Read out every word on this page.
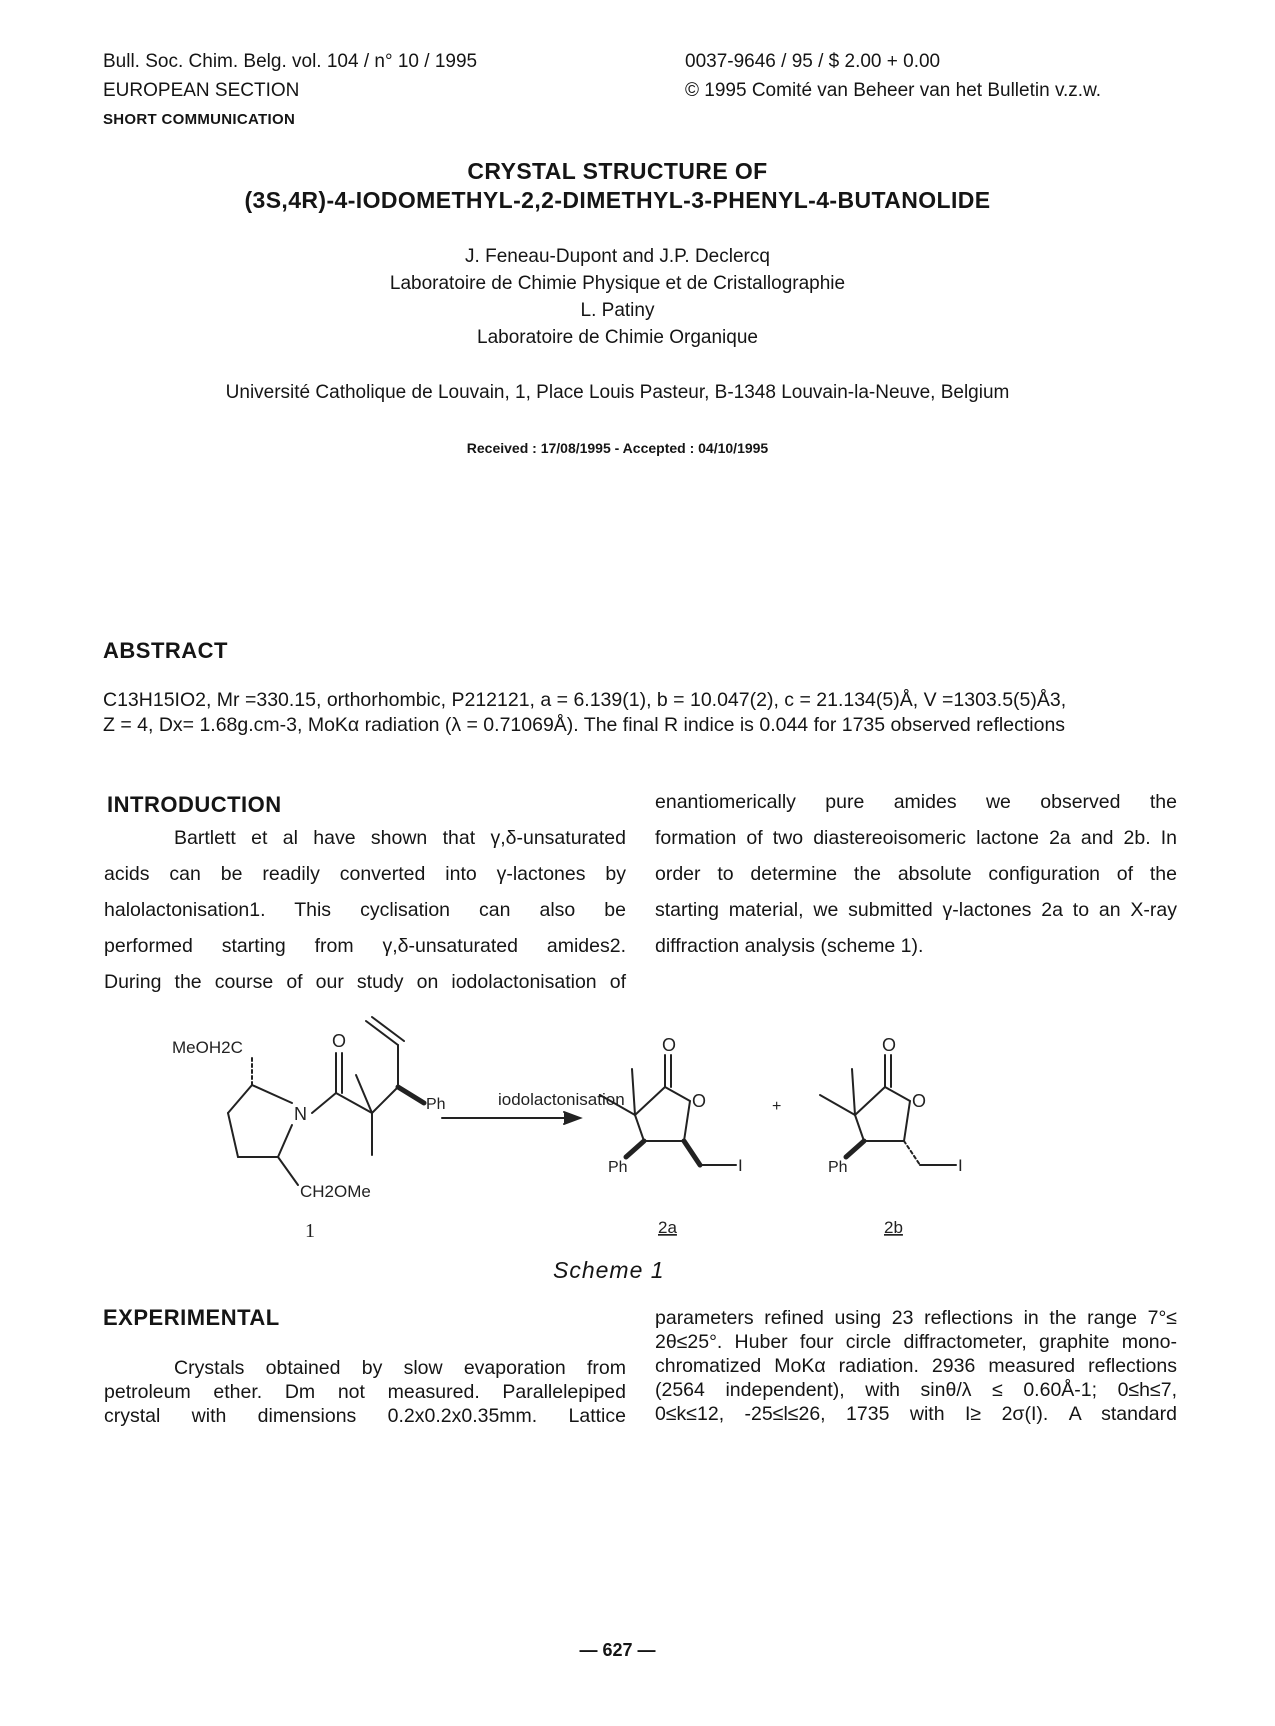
Bull. Soc. Chim. Belg. vol. 104 / n° 10 / 1995
EUROPEAN SECTION
SHORT COMMUNICATION
0037-9646 / 95 / $ 2.00 + 0.00
© 1995 Comité van Beheer van het Bulletin v.z.w.
CRYSTAL STRUCTURE OF
(3S,4R)-4-IODOMETHYL-2,2-DIMETHYL-3-PHENYL-4-BUTANOLIDE
J. Feneau-Dupont and J.P. Declercq
Laboratoire de Chimie Physique et de Cristallographie
L. Patiny
Laboratoire de Chimie Organique
Université Catholique de Louvain, 1, Place Louis Pasteur, B-1348 Louvain-la-Neuve, Belgium
Received : 17/08/1995 - Accepted : 04/10/1995
ABSTRACT
C13H15IO2, Mr =330.15, orthorhombic, P212121, a = 6.139(1), b = 10.047(2), c = 21.134(5)Å, V =1303.5(5)Å3,
Z = 4, Dx= 1.68g.cm-3, MoKα radiation (λ = 0.71069Å). The final R indice is 0.044 for 1735 observed reflections
INTRODUCTION

Bartlett et al have shown that γ,δ-unsaturated

acids can be readily converted into γ-lactones by

halolactonisation1. This cyclisation can also be

performed starting from γ,δ-unsaturated amides2.

During the course of our study on iodolactonisation of

enantiomerically pure amides we observed the

formation of two diastereoisomeric lactone 2a and 2b. In

order to determine the absolute configuration of the

starting material, we submitted γ-lactones 2a to an X-ray

diffraction analysis (scheme 1).

MeOH2C	O
N	Ph
CH2OMe
1
iodolactonisation
O
O
Ph	I
2a
+
O
O
Ph	I
2b
Scheme 1
EXPERIMENTAL

Crystals obtained by slow evaporation from

petroleum ether. Dm not measured. Parallelepiped

crystal with dimensions 0.2x0.2x0.35mm. Lattice

parameters refined using 23 reflections in the range 7°≤

2θ≤25°. Huber four circle diffractometer, graphite mono-

chromatized MoKα radiation. 2936 measured reflections

(2564 independent), with sinθ/λ ≤ 0.60Å-1; 0≤h≤7,

0≤k≤12, -25≤l≤26, 1735 with I≥ 2σ(I). A standard

— 627 —
